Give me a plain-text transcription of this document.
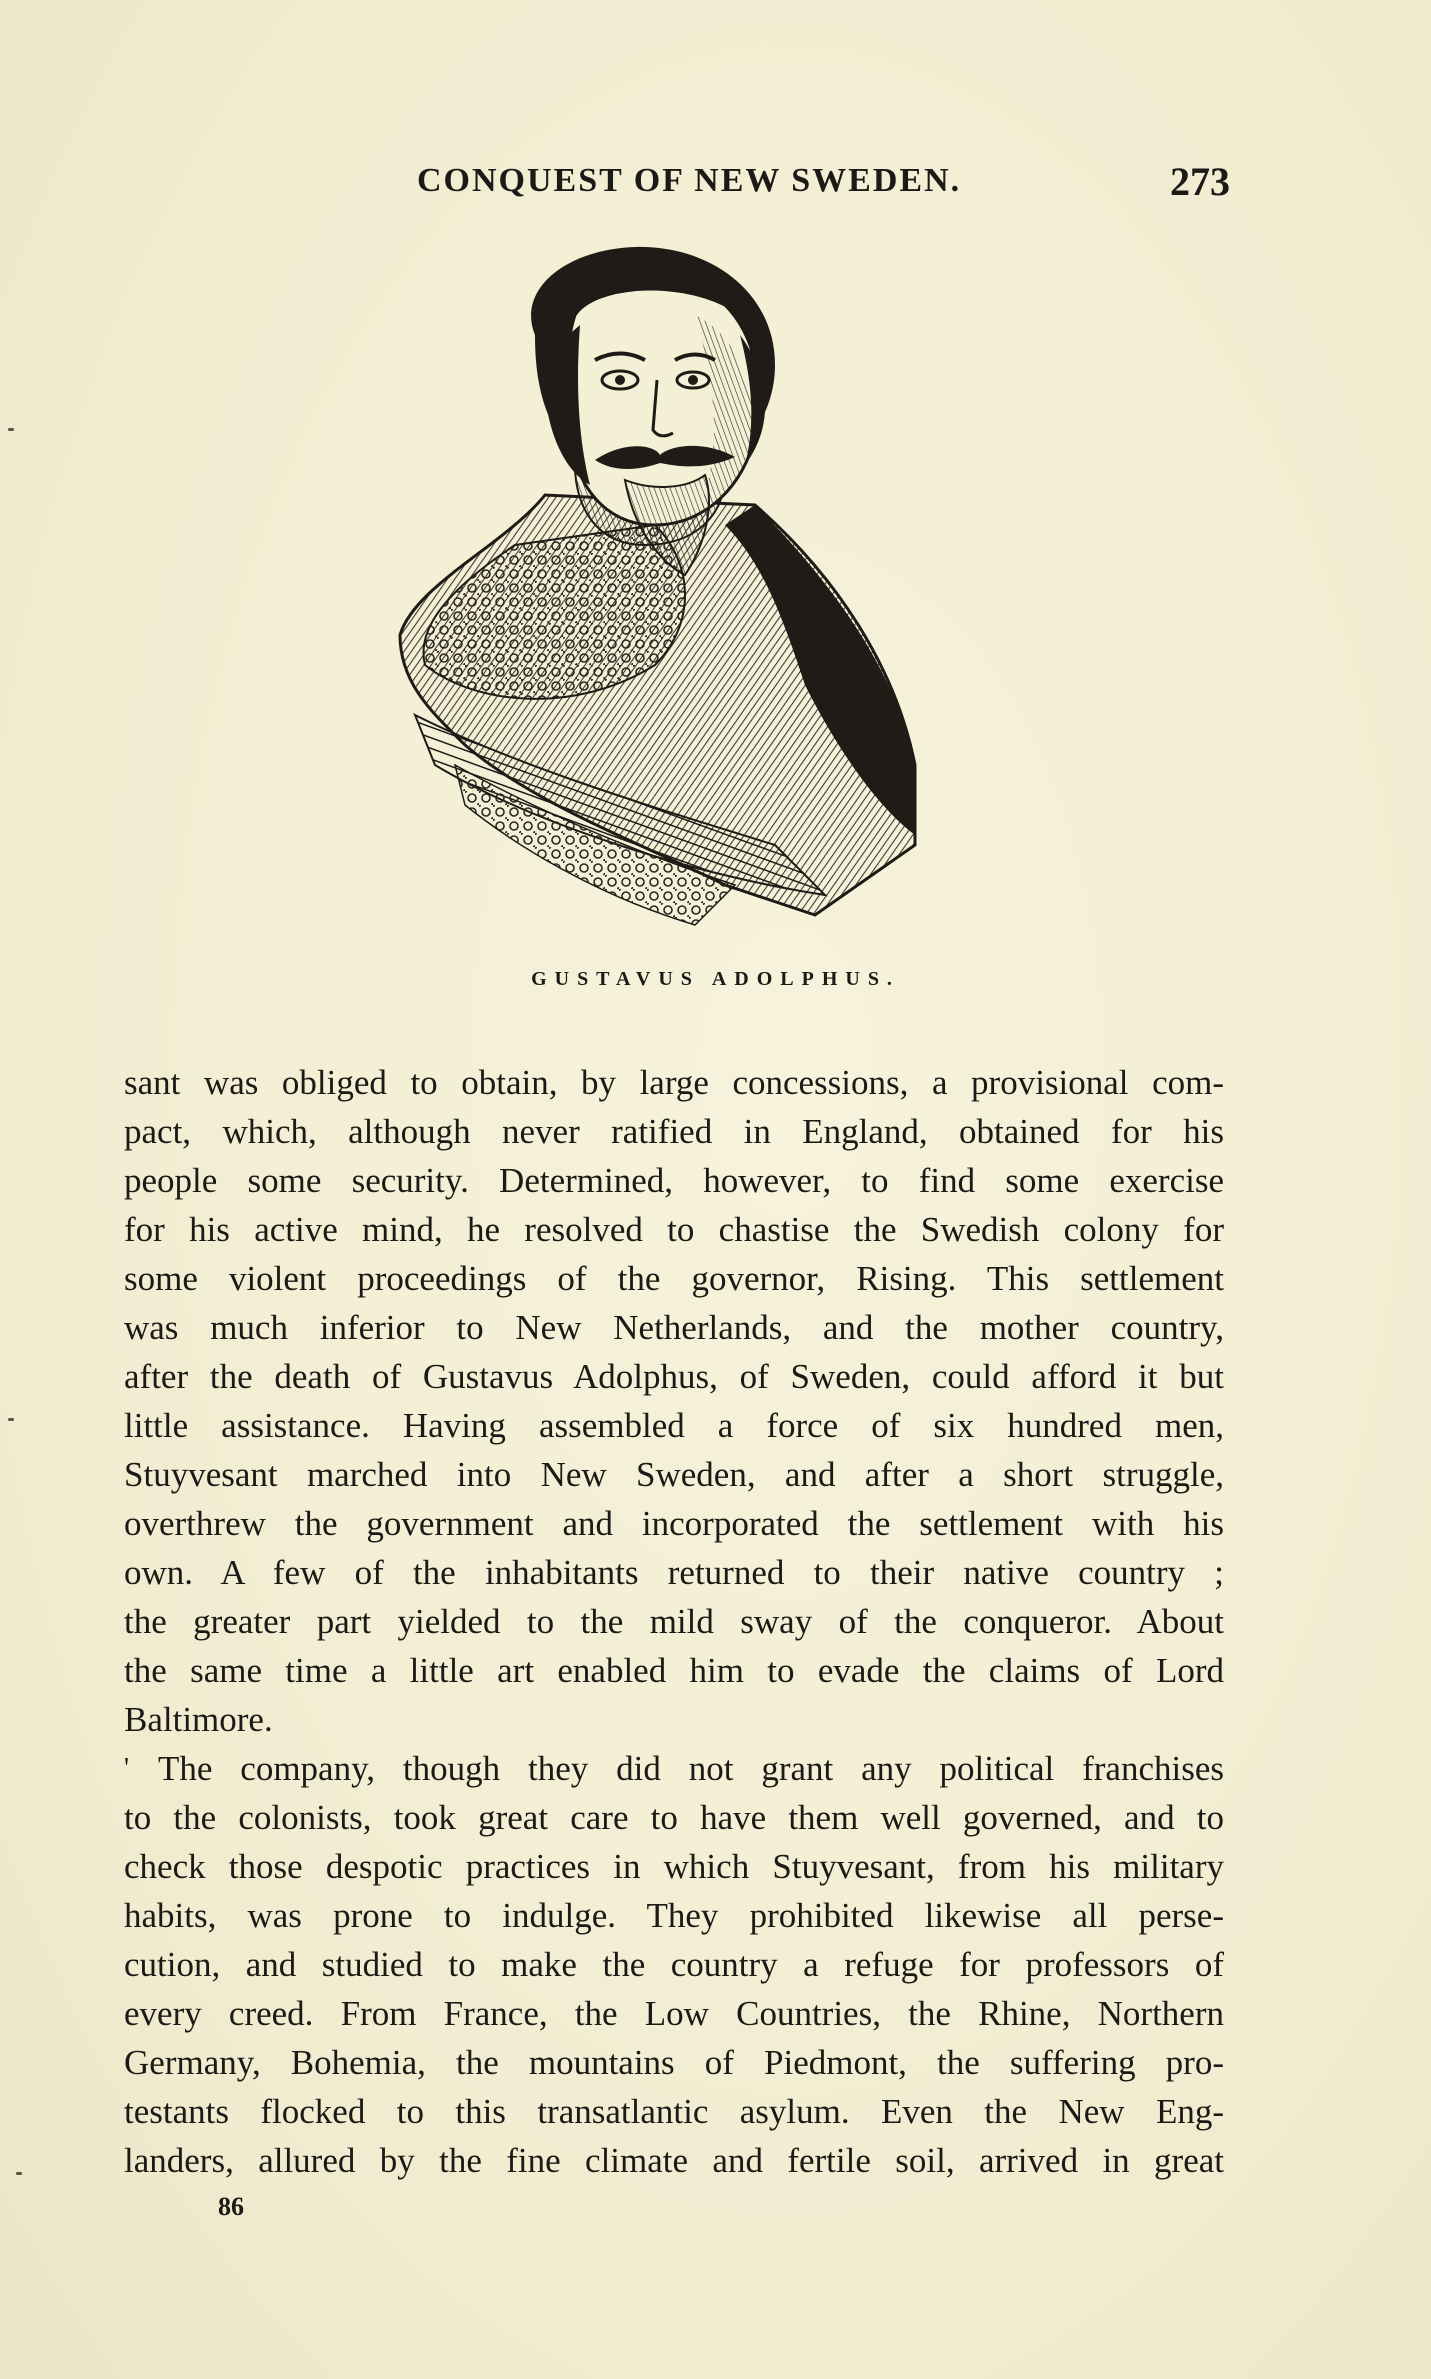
CONQUEST OF NEW SWEDEN.	273
GUSTAVUS ADOLPHUS.
sant was obliged to obtain, by large concessions, a provisional com-
pact, which, although never ratified in England, obtained for his
people some security. Determined, however, to find some exercise
for his active mind, he resolved to chastise the Swedish colony for
some violent proceedings of the governor, Rising. This settlement
was much inferior to New Netherlands, and the mother country,
after the death of Gustavus Adolphus, of Sweden, could afford it but
little assistance. Having assembled a force of six hundred men,
Stuyvesant marched into New Sweden, and after a short struggle,
overthrew the government and incorporated the settlement with his
own. A few of the inhabitants returned to their native country ;
the greater part yielded to the mild sway of the conqueror. About
the same time a little art enabled him to evade the claims of Lord
Baltimore.
' The company, though they did not grant any political franchises
to the colonists, took great care to have them well governed, and to
check those despotic practices in which Stuyvesant, from his military
habits, was prone to indulge. They prohibited likewise all perse-
cution, and studied to make the country a refuge for professors of
every creed. From France, the Low Countries, the Rhine, Northern
Germany, Bohemia, the mountains of Piedmont, the suffering pro-
testants flocked to this transatlantic asylum. Even the New Eng-
landers, allured by the fine climate and fertile soil, arrived in great
86
